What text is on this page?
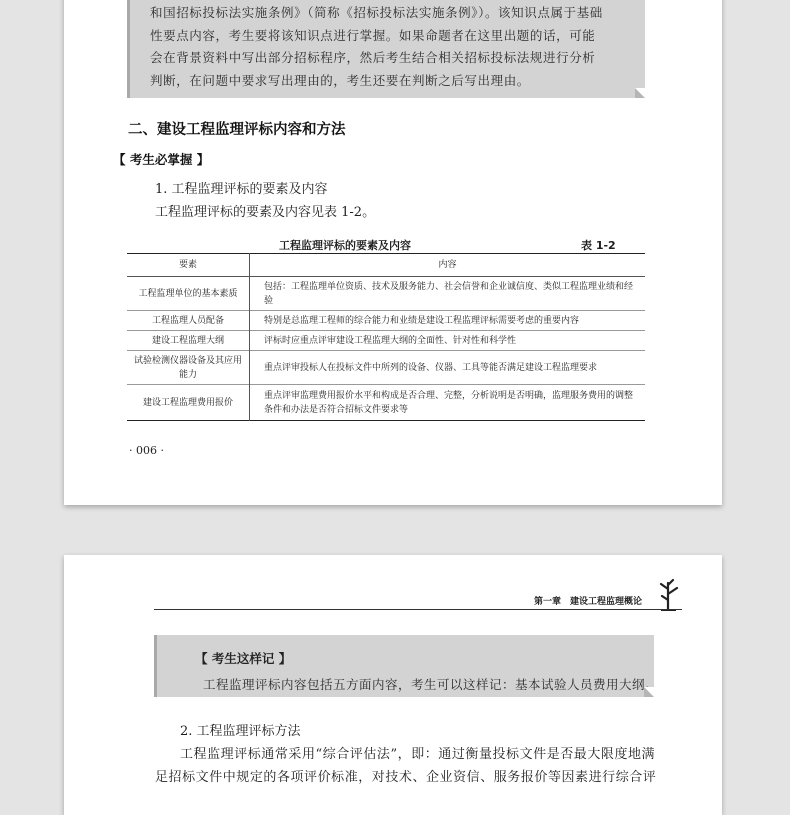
和国招标投标法实施条例》（简称《招标投标法实施条例》）。该知识点属于基础
性要点内容，考生要将该知识点进行掌握。如果命题者在这里出题的话，可能
会在背景资料中写出部分招标程序，然后考生结合相关招标投标法规进行分析
判断，在问题中要求写出理由的，考生还要在判断之后写出理由。
二、建设工程监理评标内容和方法
【 考生必掌握 】
1. 工程监理评标的要素及内容
工程监理评标的要素及内容见表 1-2。
工程监理评标的要素及内容	表 1-2
要素	内容
工程监理单位的基本素质	包括：工程监理单位资质、技术及服务能力、社会信誉和企业诚信度、类似工程监理业绩和经验
工程监理人员配备	特别是总监理工程师的综合能力和业绩是建设工程监理评标需要考虑的重要内容
建设工程监理大纲	评标时应重点评审建设工程监理大纲的全面性、针对性和科学性
试验检测仪器设备及其应用能力	重点评审投标人在投标文件中所列的设备、仪器、工具等能否满足建设工程监理要求
建设工程监理费用报价	重点评审监理费用报价水平和构成是否合理、完整，分析说明是否明确，监理服务费用的调整条件和办法是否符合招标文件要求等
· 006 ·
第一章 建设工程监理概论
【 考生这样记 】
工程监理评标内容包括五方面内容，考生可以这样记：基本试验人员费用大纲。
2. 工程监理评标方法
工程监理评标通常采用“综合评估法”，即：通过衡量投标文件是否最大限度地满
足招标文件中规定的各项评价标准，对技术、企业资信、服务报价等因素进行综合评
